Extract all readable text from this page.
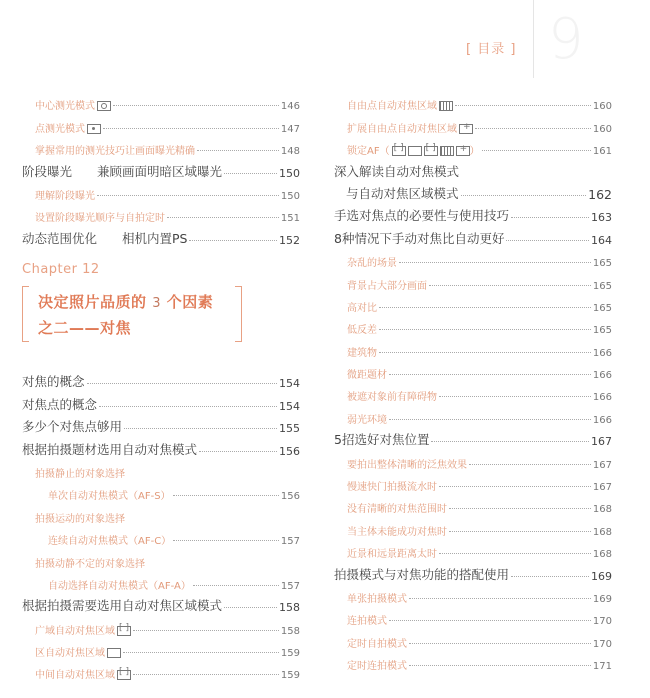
[ 目录 ] 9
中心测光模式	146
点测光模式	147
掌握常用的测光技巧让画面曝光精确	148
阶段曝光　　兼顾画面明暗区域曝光	150
理解阶段曝光	150
设置阶段曝光顺序与自拍定时	151
动态范围优化　　相机内置PS	152
Chapter 12
决定照片品质的 3 个因素
之二——对焦
对焦的概念	154
对焦点的概念	154
多少个对焦点够用	155
根据拍摄题材选用自动对焦模式	156
拍摄静止的对象选择
单次自动对焦模式（AF-S）	156
拍摄运动的对象选择
连续自动对焦模式（AF-C）	157
拍摄动静不定的对象选择
自动选择自动对焦模式（AF-A）	157
根据拍摄需要选用自动对焦区域模式	158
广域自动对焦区域 [ ]	158
区自动对焦区域	159
中间自动对焦区域 [ ]	159
自由点自动对焦区域	160
扩展自由点自动对焦区域 +	160
锁定AF（ [ ] [ ] +	）	161
深入解读自动对焦模式
与自动对焦区域模式	162
手选对焦点的必要性与使用技巧	163
8种情况下手动对焦比自动更好	164
杂乱的场景	165
背景占大部分画面	165
高对比	165
低反差	165
建筑物	166
微距题材	166
被遮对象前有障碍物	166
弱光环境	166
5招选好对焦位置	167
要拍出整体清晰的泛焦效果	167
慢速快门拍摄流水时	167
没有清晰的对焦范围时	168
当主体未能成功对焦时	168
近景和远景距离太时	168
拍摄模式与对焦功能的搭配使用	169
单张拍摄模式	169
连拍模式	170
定时自拍模式	170
定时连拍模式	171
